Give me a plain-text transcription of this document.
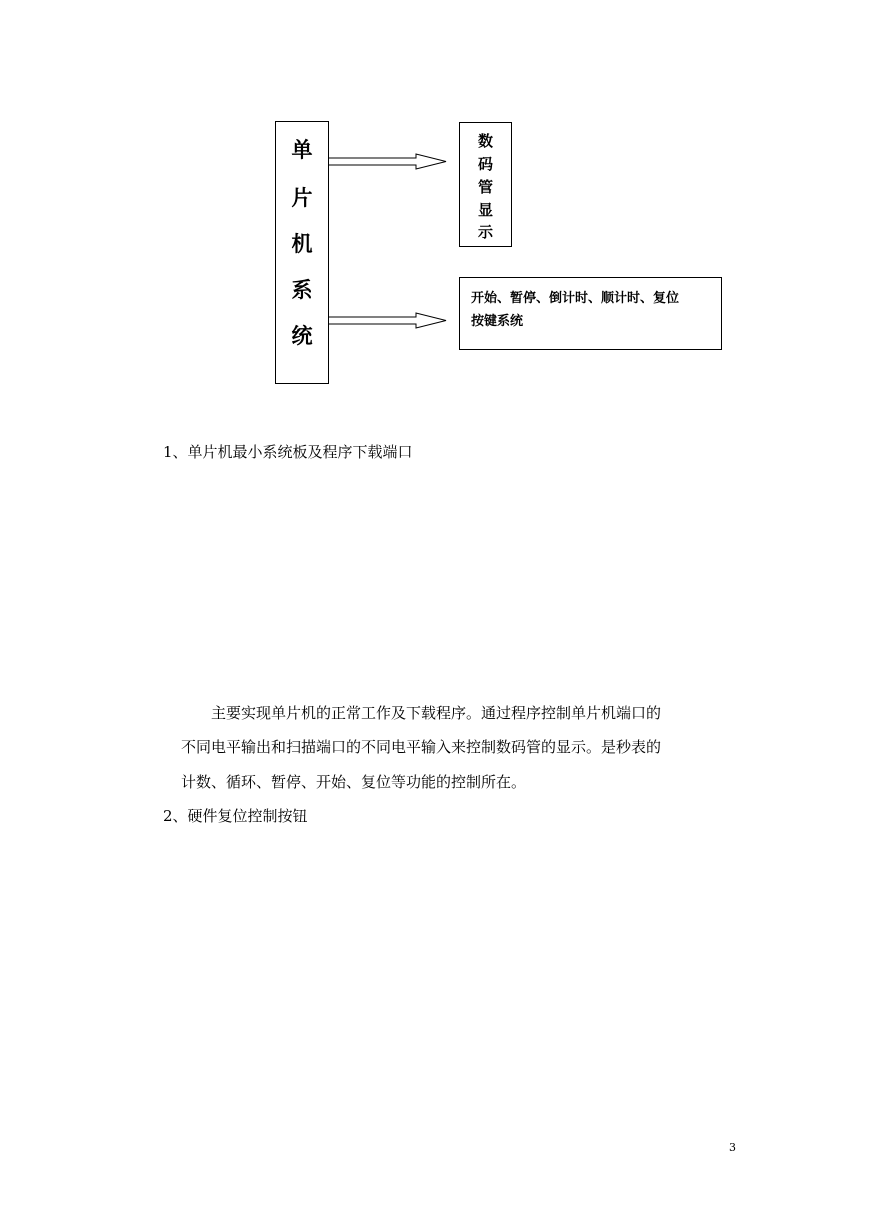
单
片
机
系
统
数
码
管
显
示
开始、暂停、倒计时、顺计时、复位
按键系统
1、单片机最小系统板及程序下载端口
主要实现单片机的正常工作及下载程序。通过程序控制单片机端口的
不同电平输出和扫描端口的不同电平输入来控制数码管的显示。是秒表的
计数、循环、暂停、开始、复位等功能的控制所在。
2、硬件复位控制按钮
3
